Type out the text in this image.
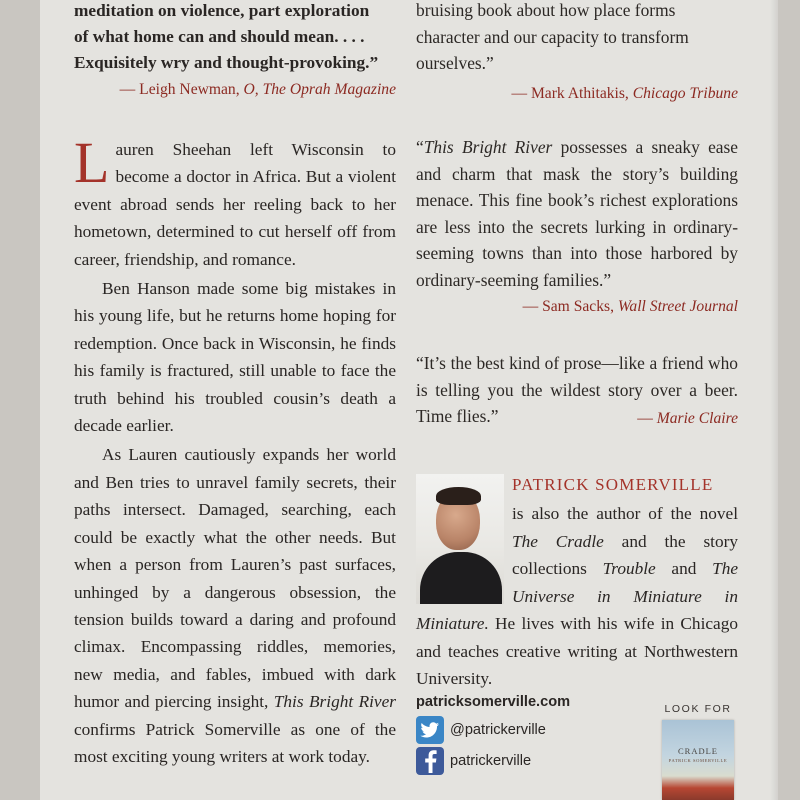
meditation on violence, part exploration

of what home can and should mean. . . .

Exquisitely wry and thought-provoking.”

— Leigh Newman, O, The Oprah Magazine

bruising book about how place forms character and our capacity to transform ourselves.”

— Mark Athitakis, Chicago Tribune

Lauren Sheehan left Wisconsin to become a doctor in Africa. But a violent event abroad sends her reeling back to her hometown, determined to cut herself off from career, friendship, and romance.

Ben Hanson made some big mistakes in his young life, but he returns home hoping for redemption. Once back in Wisconsin, he finds his family is fractured, still unable to face the truth behind his troubled cousin’s death a decade earlier.

As Lauren cautiously expands her world and Ben tries to unravel family secrets, their paths intersect. Damaged, searching, each could be exactly what the other needs. But when a person from Lauren’s past surfaces, unhinged by a dangerous obsession, the tension builds toward a daring and profound climax. Encompassing riddles, memories, new media, and fables, imbued with dark humor and piercing insight, This Bright River confirms Patrick Somerville as one of the most exciting young writers at work today.

“This Bright River possesses a sneaky ease and charm that mask the story’s building menace. This fine book’s richest explorations are less into the secrets lurking in ordinary-seeming towns than into those harbored by ordinary-seeming families.”

— Sam Sacks, Wall Street Journal

“It’s the best kind of prose—like a friend who is telling you the wildest story over a beer. Time flies.”	— Marie Claire

PATRICK SOMERVILLE
is also the author of the novel The Cradle and the story collections Trouble and The Universe in Miniature in Miniature. He lives with his wife in Chicago and teaches creative writing at Northwestern University.
patricksomerville.com
@patrickerville
patrickerville
LOOK FOR
CRADLE
PATRICK SOMERVILLE
